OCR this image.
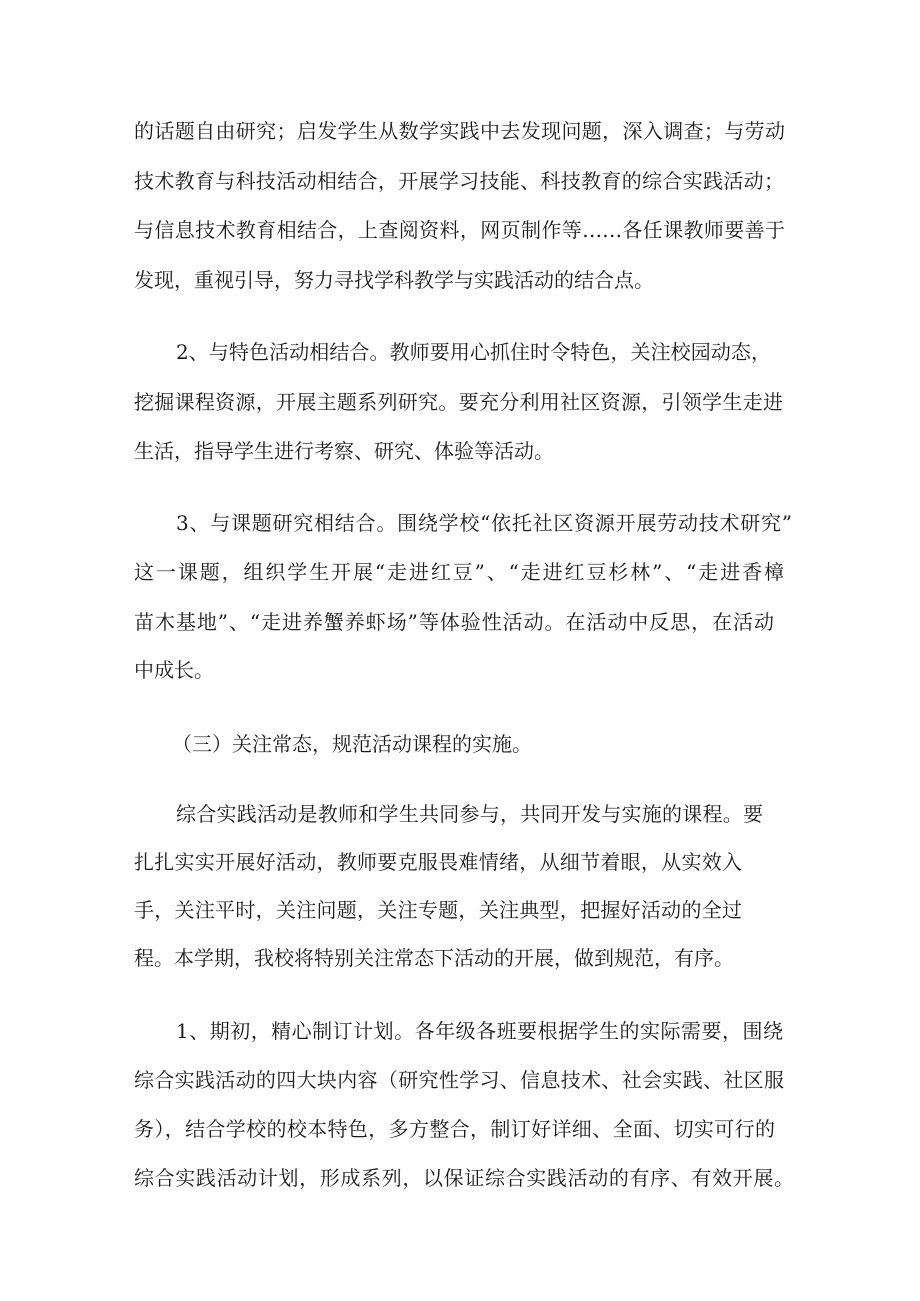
的话题自由研究；启发学生从数学实践中去发现问题，深入调查；与劳动
技术教育与科技活动相结合，开展学习技能、科技教育的综合实践活动；
与信息技术教育相结合，上查阅资料，网页制作等……各任课教师要善于
发现，重视引导，努力寻找学科教学与实践活动的结合点。
2、与特色活动相结合。教师要用心抓住时令特色，关注校园动态，
挖掘课程资源，开展主题系列研究。要充分利用社区资源，引领学生走进
生活，指导学生进行考察、研究、体验等活动。
3、与课题研究相结合。围绕学校“依托社区资源开展劳动技术研究”
这一课题，组织学生开展“走进红豆”、“走进红豆杉林”、“走进香樟
苗木基地”、“走进养蟹养虾场”等体验性活动。在活动中反思，在活动
中成长。
（三）关注常态，规范活动课程的实施。
综合实践活动是教师和学生共同参与，共同开发与实施的课程。要
扎扎实实开展好活动，教师要克服畏难情绪，从细节着眼，从实效入
手，关注平时，关注问题，关注专题，关注典型，把握好活动的全过
程。本学期，我校将特别关注常态下活动的开展，做到规范，有序。
1、期初，精心制订计划。各年级各班要根据学生的实际需要，围绕
综合实践活动的四大块内容（研究性学习、信息技术、社会实践、社区服
务），结合学校的校本特色，多方整合，制订好详细、全面、切实可行的
综合实践活动计划，形成系列，以保证综合实践活动的有序、有效开展。
